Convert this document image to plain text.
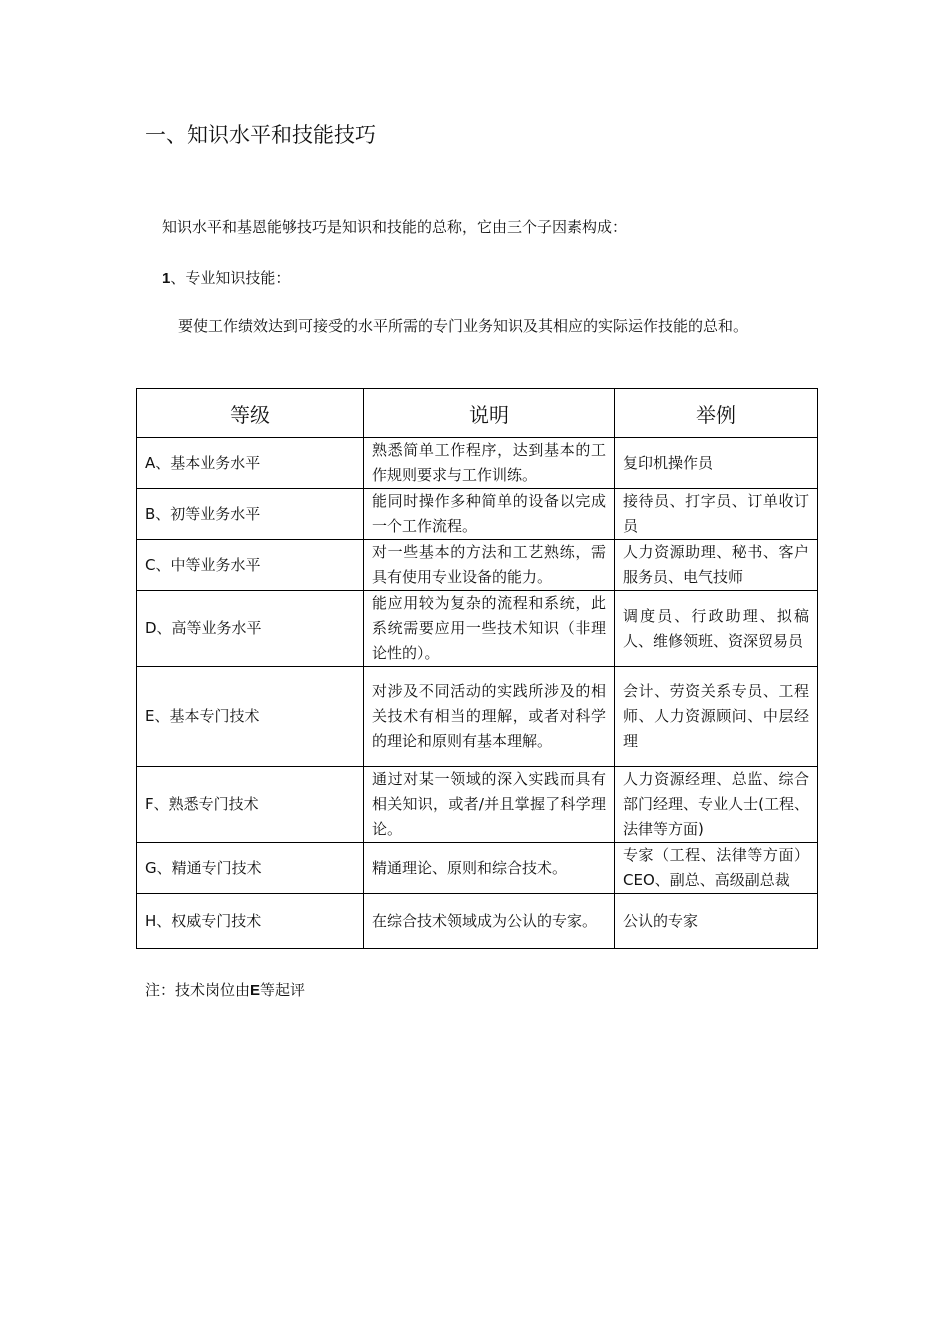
一、知识水平和技能技巧
知识水平和基恩能够技巧是知识和技能的总称，它由三个子因素构成：
1、专业知识技能：
要使工作绩效达到可接受的水平所需的专门业务知识及其相应的实际运作技能的总和。
等级	说明	举例
A、基本业务水平	熟悉简单工作程序，达到基本的工作规则要求与工作训练。	复印机操作员
B、初等业务水平	能同时操作多种简单的设备以完成一个工作流程。	接待员、打字员、订单收订员
C、中等业务水平	对一些基本的方法和工艺熟练，需具有使用专业设备的能力。	人力资源助理、秘书、客户服务员、电气技师
D、高等业务水平	能应用较为复杂的流程和系统，此系统需要应用一些技术知识（非理论性的）。	调度员、行政助理、拟稿人、维修领班、资深贸易员
E、基本专门技术	对涉及不同活动的实践所涉及的相关技术有相当的理解，或者对科学的理论和原则有基本理解。	会计、劳资关系专员、工程师、人力资源顾问、中层经理
F、熟悉专门技术	通过对某一领域的深入实践而具有相关知识，或者/并且掌握了科学理论。	人力资源经理、总监、综合部门经理、专业人士(工程、法律等方面)
G、精通专门技术	精通理论、原则和综合技术。	专家（工程、法律等方面）CEO、副总、高级副总裁
H、权威专门技术	在综合技术领域成为公认的专家。	公认的专家
注：技术岗位由E等起评
